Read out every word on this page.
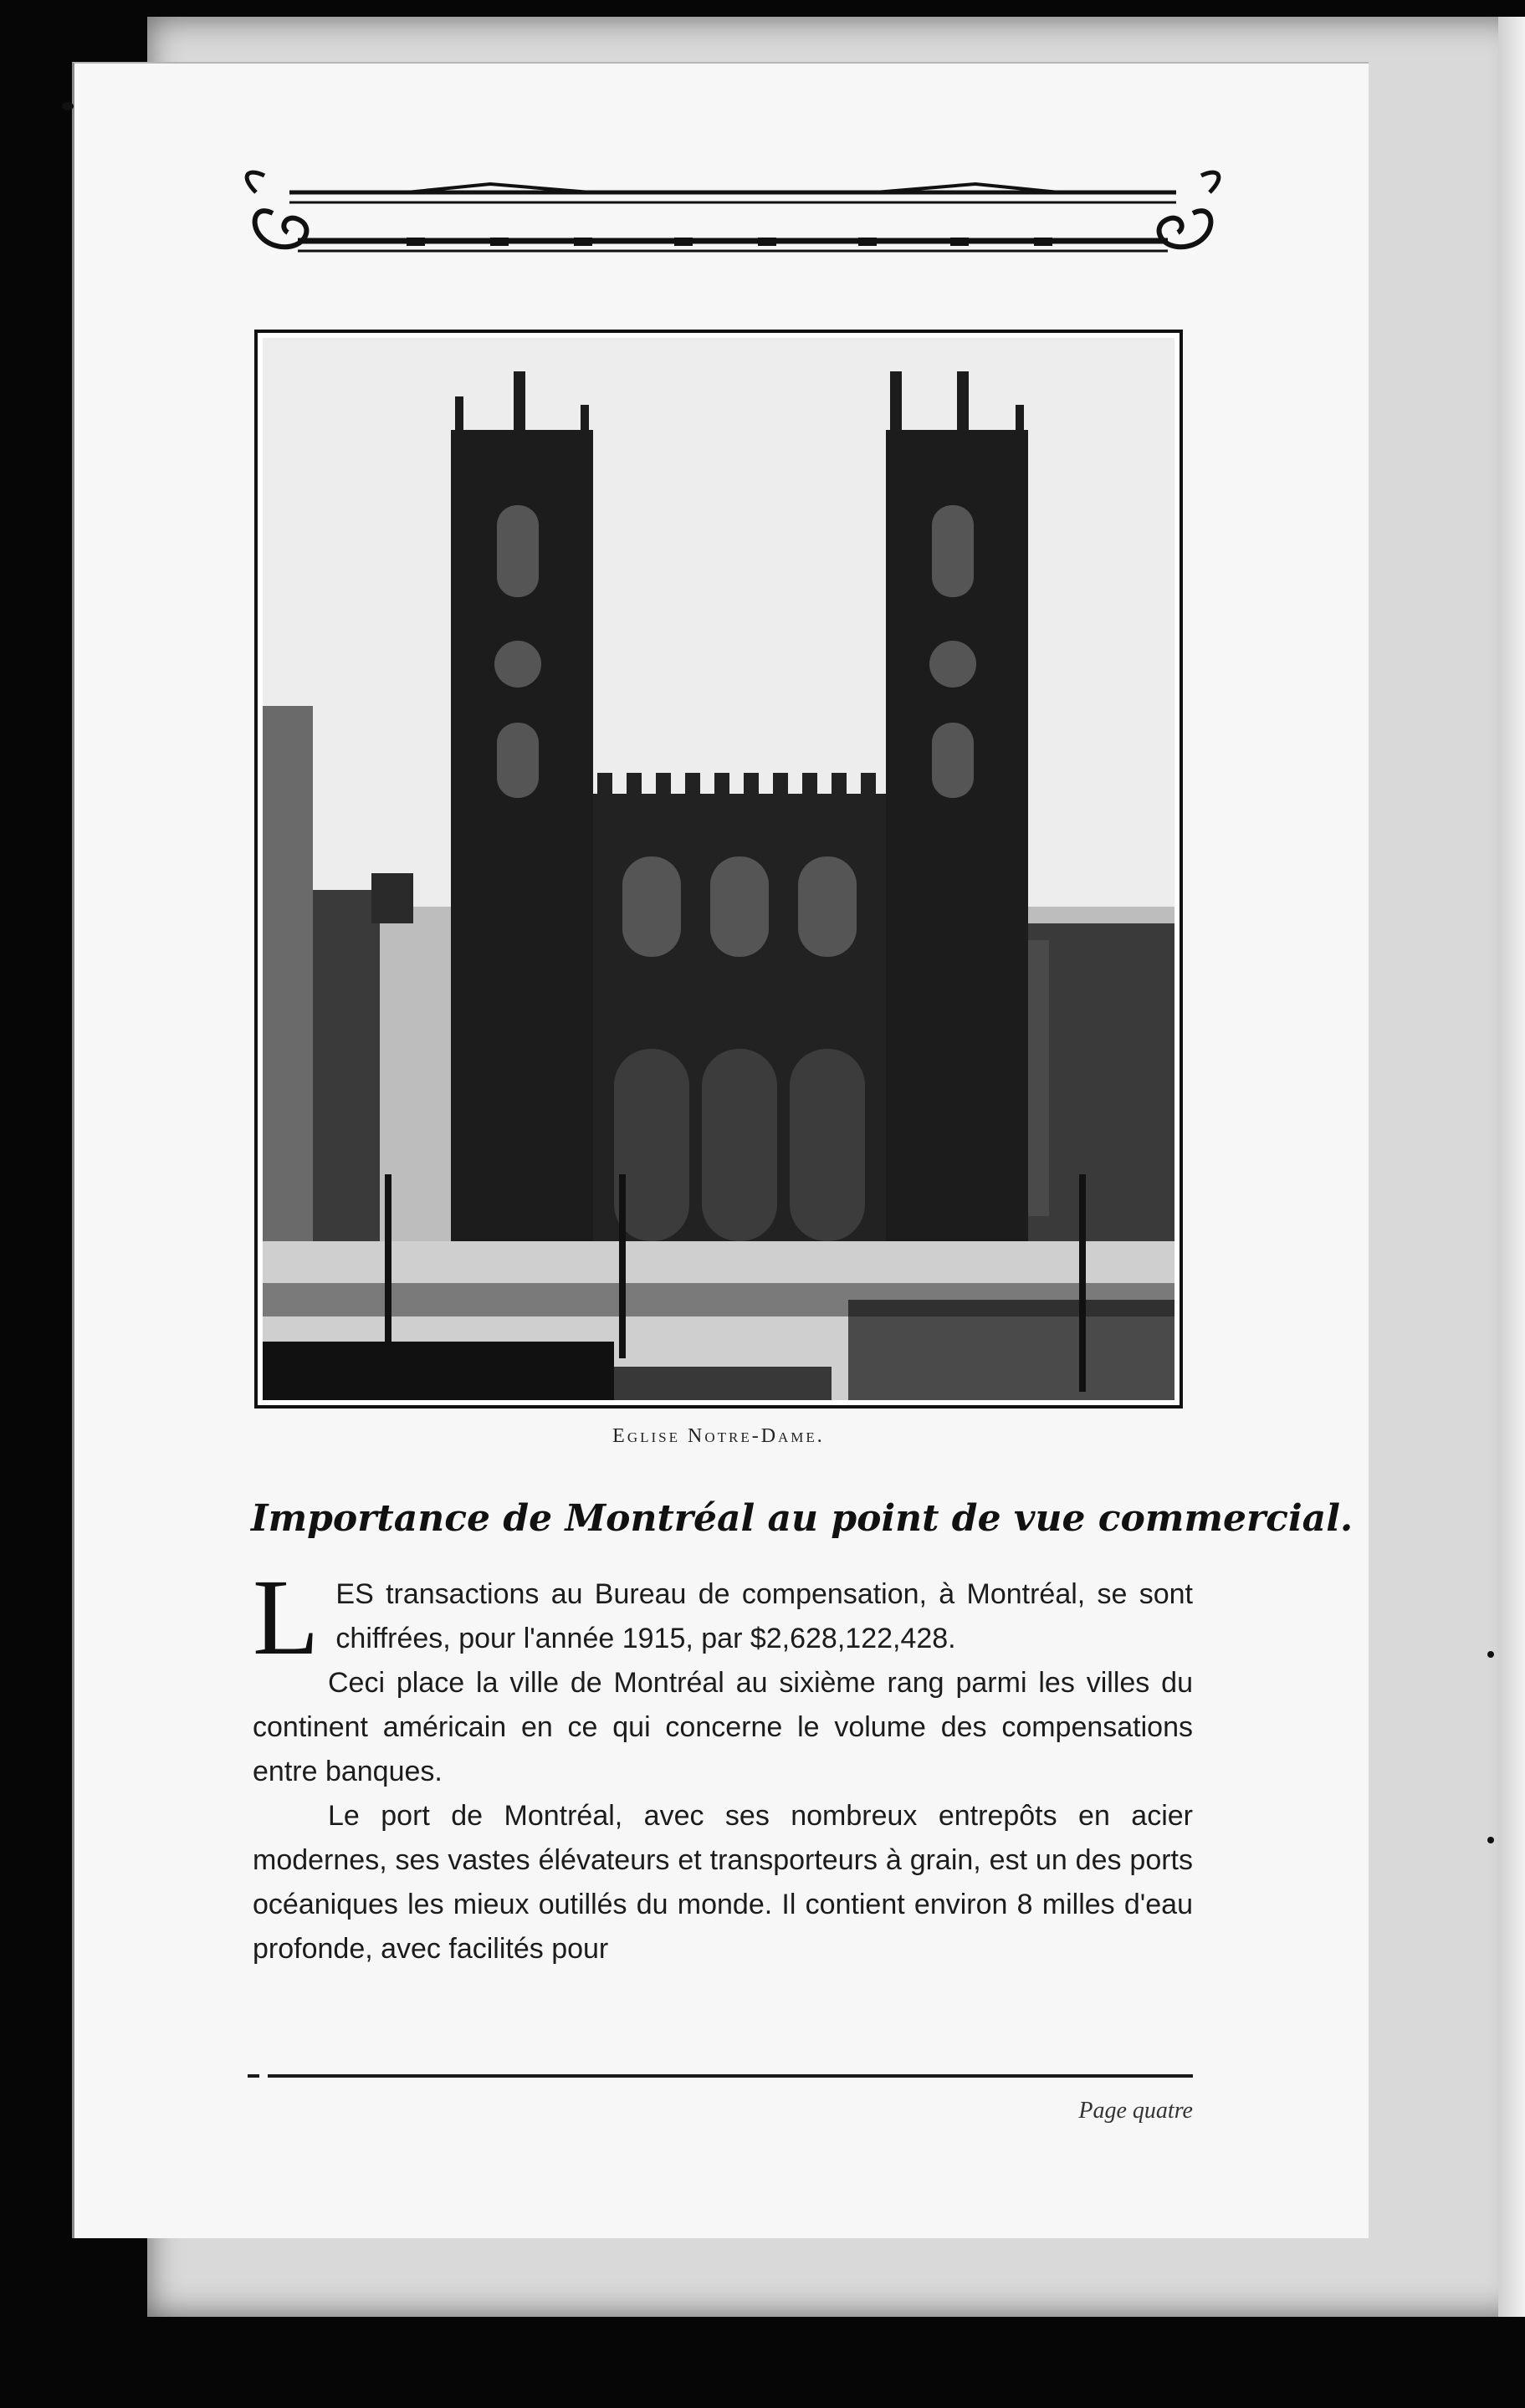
Eglise Notre-Dame.
Importance de Montréal au point de vue commercial.

LES transactions au Bureau de compensation, à Montréal, se sont chiffrées, pour l'année 1915, par $2,628,122,428.

Ceci place la ville de Montréal au sixième rang parmi les villes du continent américain en ce qui concerne le volume des compensations entre banques.

Le port de Montréal, avec ses nombreux entrepôts en acier modernes, ses vastes élévateurs et transporteurs à grain, est un des ports océaniques les mieux outillés du monde. Il contient environ 8 milles d'eau profonde, avec facilités pour

Page quatre
